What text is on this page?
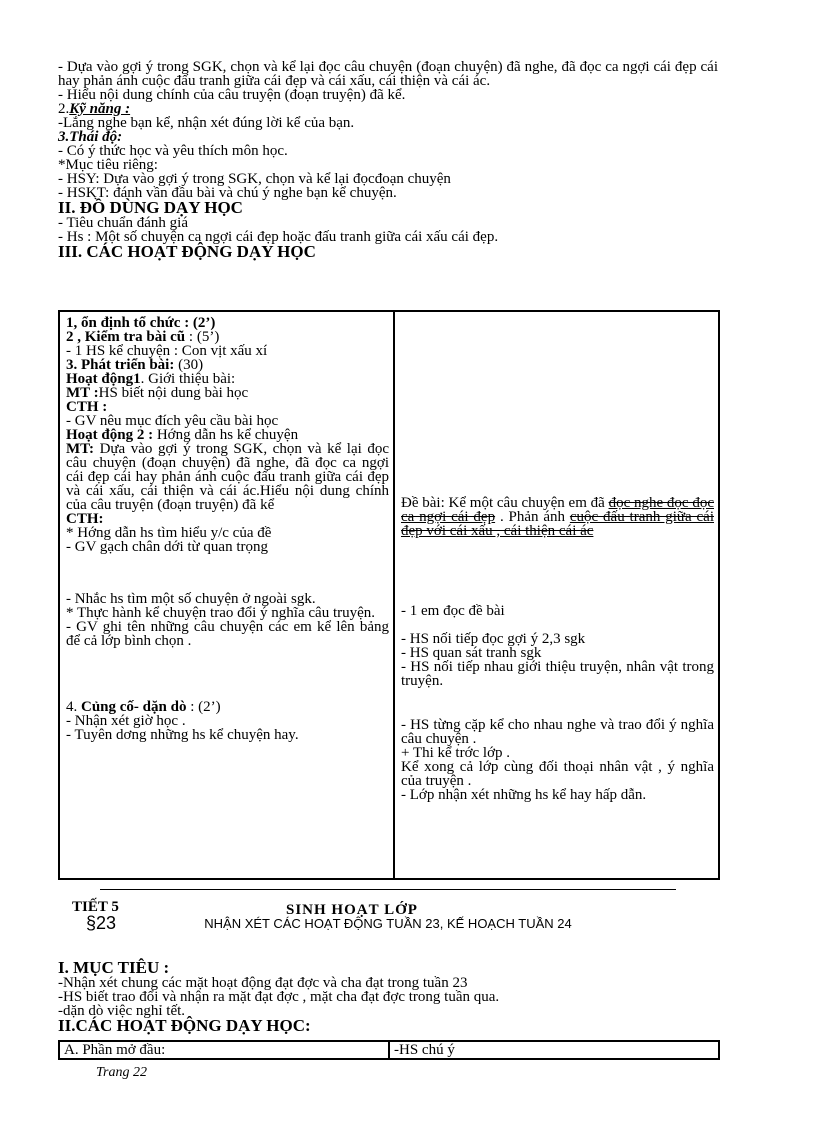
- Dựa vào gợi ý trong SGK, chọn và kể lại đọc câu chuyện (đoạn chuyện) đã nghe, đã đọc ca ngợi cái đẹp cái hay phản ánh cuộc đấu tranh giữa cái đẹp và cái xấu, cái thiện và cái ác.
- Hiểu nội dung chính của câu truyện (đoạn truyện) đã kể.
2.Kỹ năng :
-Lắng nghe bạn kể, nhận xét đúng lời kể của bạn.
3.Thái độ:
- Có ý thức học và yêu thích môn học.
*Mục tiêu riêng:
- HSY: Dựa vào gợi ý trong SGK, chọn và kể lại đọcđoạn chuyện
- HSKT: đánh vần đầu bài và chú ý nghe bạn kể chuyện.
II. ĐỒ DÙNG DẠY HỌC
- Tiêu chuẩn đánh giá
- Hs : Một số chuyện ca ngợi cái đẹp hoặc đấu tranh giữa cái xấu cái đẹp.
III. CÁC HOẠT ĐỘNG DẠY HỌC
1, ổn định tổ chức : (2’)
2 , Kiểm tra bài cũ : (5’)
- 1 HS kể chuyện : Con vịt xấu xí
3. Phát triển bài: (30)
Hoạt động1. Giới thiệu bài:
MT :HS biết nội dung bài học
CTH :
- GV nêu mục đích yêu cầu bài học
Hoạt động 2 : Hớng dẫn hs kể chuyện
MT: Dựa vào gợi ý trong SGK, chọn và kể lại đọc câu chuyện (đoạn chuyện) đã nghe, đã đọc ca ngợi cái đẹp cái hay phản ánh cuộc đấu tranh giữa cái đẹp và cái xấu, cái thiện và cái ác.Hiểu nội dung chính của câu truyện (đoạn truyện) đã kể
CTH:
* Hớng dẫn hs tìm hiểu y/c của đề
- GV gạch chân dới từ quan trọng
- Nhắc hs tìm một số chuyện ở ngoài sgk.
* Thực hành kể chuyện trao đổi ý nghĩa câu truyện.
- GV ghi tên những câu chuyện các em kể lên bảng để cả lớp bình chọn .
4. Củng cố- dặn dò : (2’)
- Nhận xét giờ học .
- Tuyên dơng những hs kể chuyện hay.

Đề bài: Kể một câu chuyện em đã đọc nghe đọc đọc ca ngợi cái đẹp . Phản ánh cuộc đấu tranh giữa cái đẹp với cái xấu , cái thiện cái ác
- 1 em đọc đề bài
- HS nối tiếp đọc gợi ý 2,3 sgk
- HS quan sát tranh sgk
- HS nối tiếp nhau giới thiệu truyện, nhân vật trong truyện.
- HS từng cặp kể cho nhau nghe và trao đổi ý nghĩa câu chuyện .
+ Thi kể trớc lớp .
Kể xong cả lớp cùng đối thoại nhân vật , ý nghĩa của truyện .
- Lớp nhận xét những hs kể hay hấp dẫn.
TIẾT 5	SINH HOẠT LỚP
§23	NHẬN XÉT CÁC HOẠT ĐỘNG TUẦN 23, KẾ HOẠCH TUẦN 24
I. MỤC TIÊU :
-Nhận xét chung các mặt hoạt động đạt đợc và cha đạt trong tuần 23
-HS biết trao đổi và nhận ra mặt đạt đợc , mặt cha đạt đợc trong tuần qua.
-dặn dò việc nghỉ tết.
II.CÁC HOẠT ĐỘNG DẠY HỌC:
A. Phần mở đầu:	-HS chú ý
Trang 22
